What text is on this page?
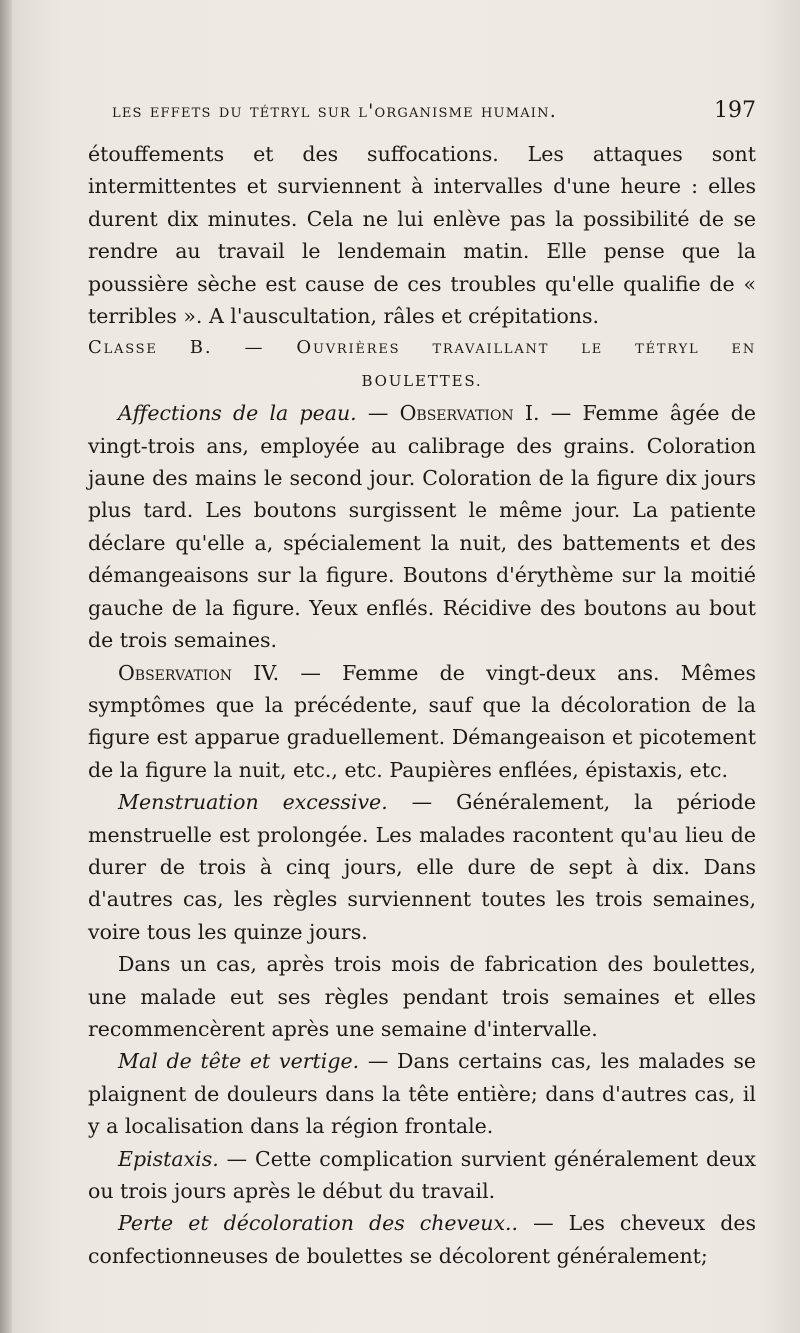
les effets du tétryl sur l'organisme humain.	197

étouffements et des suffocations. Les attaques sont intermittentes et surviennent à intervalles d'une heure : elles durent dix minutes. Cela ne lui enlève pas la possibilité de se rendre au travail le lendemain matin. Elle pense que la poussière sèche est cause de ces troubles qu'elle qualifie de « terribles ». A l'auscultation, râles et crépitations.

Classe B. — Ouvrières travaillant le tétryl en

BOULETTES.

Affections de la peau. — Observation I. — Femme âgée de vingt-trois ans, employée au calibrage des grains. Coloration jaune des mains le second jour. Coloration de la figure dix jours plus tard. Les boutons surgissent le même jour. La patiente déclare qu'elle a, spécialement la nuit, des battements et des démangeaisons sur la figure. Boutons d'érythème sur la moitié gauche de la figure. Yeux enflés. Récidive des boutons au bout de trois semaines.

Observation IV. — Femme de vingt-deux ans. Mêmes symptômes que la précédente, sauf que la décoloration de la figure est apparue graduellement. Démangeaison et picotement de la figure la nuit, etc., etc. Paupières enflées, épistaxis, etc.

Menstruation excessive. — Généralement, la période menstruelle est prolongée. Les malades racontent qu'au lieu de durer de trois à cinq jours, elle dure de sept à dix. Dans d'autres cas, les règles surviennent toutes les trois semaines, voire tous les quinze jours.

Dans un cas, après trois mois de fabrication des boulettes, une malade eut ses règles pendant trois semaines et elles recommencèrent après une semaine d'intervalle.

Mal de tête et vertige. — Dans certains cas, les malades se plaignent de douleurs dans la tête entière; dans d'autres cas, il y a localisation dans la région frontale.

Epistaxis. — Cette complication survient généralement deux ou trois jours après le début du travail.

Perte et décoloration des cheveux.. — Les cheveux des confectionneuses de boulettes se décolorent généralement;
